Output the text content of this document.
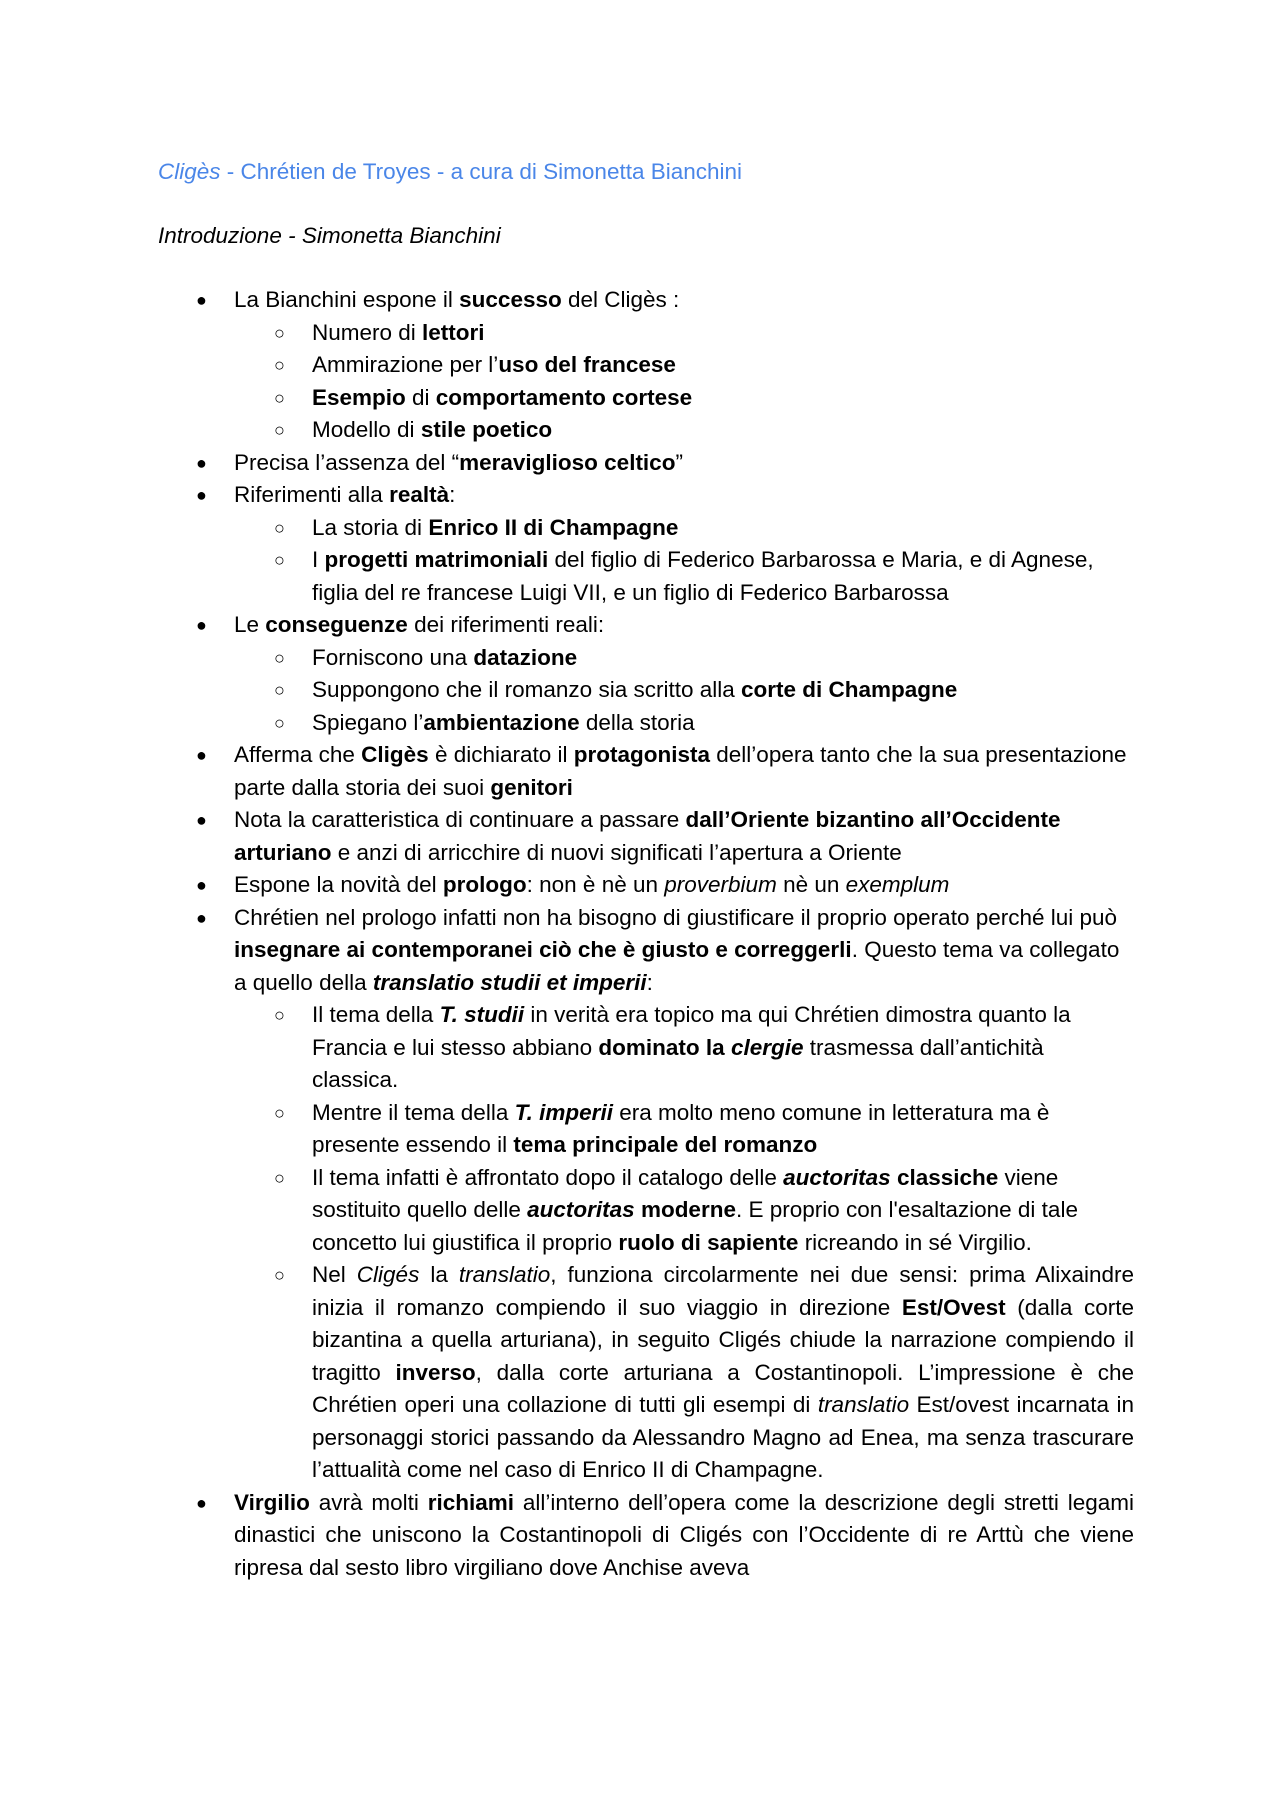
Cligès - Chrétien de Troyes - a cura di Simonetta Bianchini
Introduzione - Simonetta Bianchini
● La Bianchini espone il successo del Cligès :
○ Numero di lettori
○ Ammirazione per l’uso del francese
○ Esempio di comportamento cortese
○ Modello di stile poetico
● Precisa l’assenza del “meraviglioso celtico”
● Riferimenti alla realtà:
○ La storia di Enrico II di Champagne
○ I progetti matrimoniali del figlio di Federico Barbarossa e Maria, e di Agnese, figlia del re francese Luigi VII, e un figlio di Federico Barbarossa
● Le conseguenze dei riferimenti reali:
○ Forniscono una datazione
○ Suppongono che il romanzo sia scritto alla corte di Champagne
○ Spiegano l’ambientazione della storia
● Afferma che Cligès è dichiarato il protagonista dell’opera tanto che la sua presentazione parte dalla storia dei suoi genitori
● Nota la caratteristica di continuare a passare dall’Oriente bizantino all’Occidente arturiano e anzi di arricchire di nuovi significati l’apertura a Oriente
● Espone la novità del prologo: non è nè un proverbium nè un exemplum
● Chrétien nel prologo infatti non ha bisogno di giustificare il proprio operato perché lui può insegnare ai contemporanei ciò che è giusto e correggerli. Questo tema va collegato a quello della translatio studii et imperii:
○ Il tema della T. studii in verità era topico ma qui Chrétien dimostra quanto la Francia e lui stesso abbiano dominato la clergie trasmessa dall’antichità classica.
○ Mentre il tema della T. imperii era molto meno comune in letteratura ma è presente essendo il tema principale del romanzo
○ Il tema infatti è affrontato dopo il catalogo delle auctoritas classiche viene sostituito quello delle auctoritas moderne. E proprio con l'esaltazione di tale concetto lui giustifica il proprio ruolo di sapiente ricreando in sé Virgilio.
○ Nel Cligés la translatio, funziona circolarmente nei due sensi: prima Alixaindre inizia il romanzo compiendo il suo viaggio in direzione Est/Ovest (dalla corte bizantina a quella arturiana), in seguito Cligés chiude la narrazione compiendo il tragitto inverso, dalla corte arturiana a Costantinopoli. L’impressione è che Chrétien operi una collazione di tutti gli esempi di translatio Est/ovest incarnata in personaggi storici passando da Alessandro Magno ad Enea, ma senza trascurare l’attualità come nel caso di Enrico II di Champagne.
● Virgilio avrà molti richiami all’interno dell’opera come la descrizione degli stretti legami dinastici che uniscono la Costantinopoli di Cligés con l’Occidente di re Arttù che viene ripresa dal sesto libro virgiliano dove Anchise aveva
